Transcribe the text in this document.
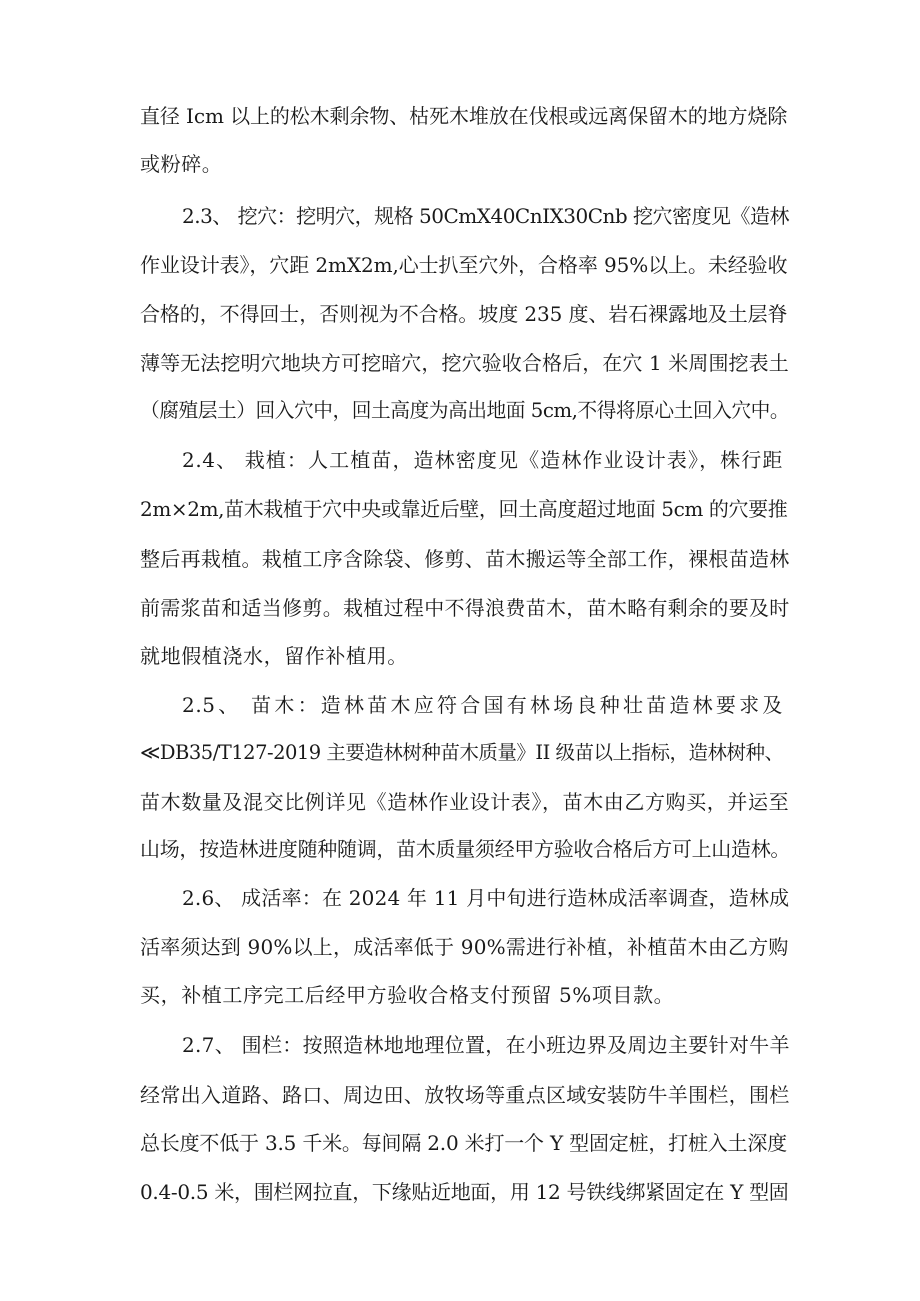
直径 Icm 以上的松木剩余物、枯死木堆放在伐根或远离保留木的地方烧除
或粉碎。
2.3、 挖穴：挖明穴，规格 50CmX40CnIX30Cnb 挖穴密度见《造林
作业设计表》，穴距 2mX2m,心士扒至穴外，合格率 95%以上。未经验收
合格的，不得回士，否则视为不合格。坡度 235 度、岩石裸露地及土层脊
薄等无法挖明穴地块方可挖暗穴，挖穴验收合格后，在穴 1 米周围挖表土
（腐殖层土）回入穴中，回土高度为高出地面 5cm,不得将原心土回入穴中。
2.4、 栽植：人工植苗，造林密度见《造林作业设计表》，株行距
2m×2m,苗木栽植于穴中央或靠近后壁，回土高度超过地面 5cm 的穴要推
整后再栽植。栽植工序含除袋、修剪、苗木搬运等全部工作，裸根苗造林
前需浆苗和适当修剪。栽植过程中不得浪费苗木，苗木略有剩余的要及时
就地假植浇水，留作补植用。
2.5、 苗木：造林苗木应符合国有林场良种壮苗造林要求及
≪DB35/T127-2019 主要造林树种苗木质量》II 级苗以上指标，造林树种、
苗木数量及混交比例详见《造林作业设计表》，苗木由乙方购买，并运至
山场，按造林进度随种随调，苗木质量须经甲方验收合格后方可上山造林。
2.6、 成活率：在 2024 年 11 月中旬进行造林成活率调查，造林成
活率须达到 90%以上，成活率低于 90%需进行补植，补植苗木由乙方购
买，补植工序完工后经甲方验收合格支付预留 5%项目款。
2.7、 围栏：按照造林地地理位置，在小班边界及周边主要针对牛羊
经常出入道路、路口、周边田、放牧场等重点区域安装防牛羊围栏，围栏
总长度不低于 3.5 千米。每间隔 2.0 米打一个 Y 型固定桩，打桩入土深度
0.4-0.5 米，围栏网拉直，下缘贴近地面，用 12 号铁线绑紧固定在 Y 型固
